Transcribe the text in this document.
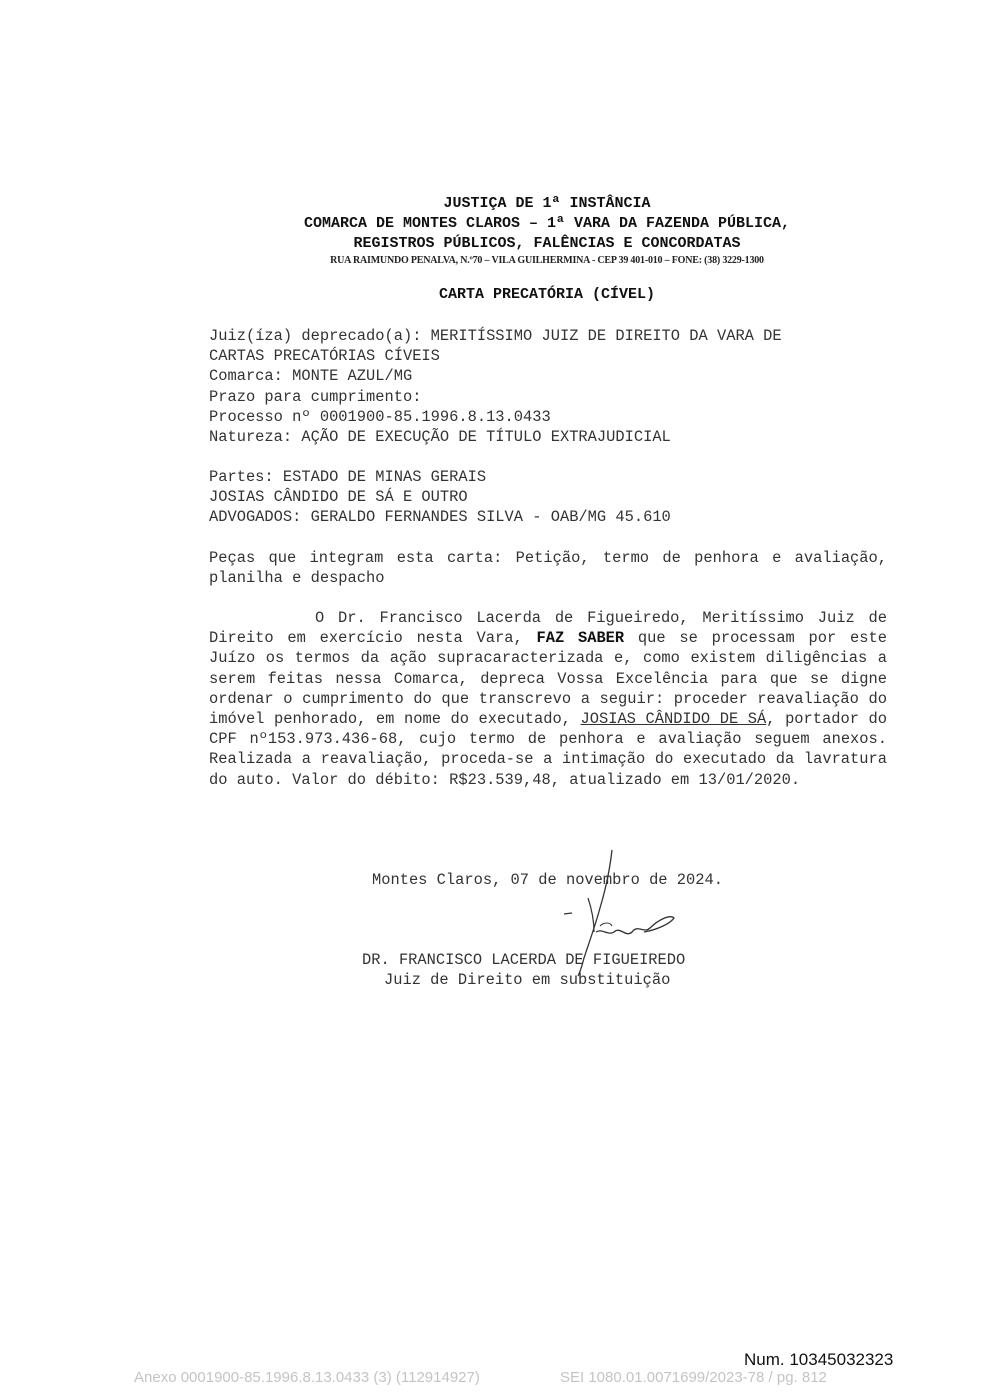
JUSTIÇA DE 1ª INSTÂNCIA
COMARCA DE MONTES CLAROS – 1ª VARA DA FAZENDA PÚBLICA,
REGISTROS PÚBLICOS, FALÊNCIAS E CONCORDATAS
RUA RAIMUNDO PENALVA, N.º70 – VILA GUILHERMINA - CEP 39 401-010 – FONE: (38) 3229-1300
CARTA PRECATÓRIA (CÍVEL)
Juiz(íza) deprecado(a): MERITÍSSIMO JUIZ DE DIREITO DA VARA DE
CARTAS PRECATÓRIAS CÍVEIS
Comarca: MONTE AZUL/MG
Prazo para cumprimento:
Processo nº 0001900-85.1996.8.13.0433
Natureza: AÇÃO DE EXECUÇÃO DE TÍTULO EXTRAJUDICIAL
Partes: ESTADO DE MINAS GERAIS
JOSIAS CÂNDIDO DE SÁ E OUTRO
ADVOGADOS: GERALDO FERNANDES SILVA - OAB/MG 45.610
Peças que integram esta carta: Petição, termo de penhora e avaliação, planilha e despacho
O Dr. Francisco Lacerda de Figueiredo, Meritíssimo Juiz de Direito em exercício nesta Vara, FAZ SABER que se processam por este Juízo os termos da ação supracaracterizada e, como existem diligências a serem feitas nessa Comarca, depreca Vossa Excelência para que se digne ordenar o cumprimento do que transcrevo a seguir: proceder reavaliação do imóvel penhorado, em nome do executado, JOSIAS CÂNDIDO DE SÁ, portador do CPF nº153.973.436-68, cujo termo de penhora e avaliação seguem anexos. Realizada a reavaliação, proceda-se a intimação do executado da lavratura do auto. Valor do débito: R$23.539,48, atualizado em 13/01/2020.
Montes Claros, 07 de novembro de 2024.
DR. FRANCISCO LACERDA DE FIGUEIREDO
Juiz de Direito em substituição
Num. 10345032323
Anexo 0001900-85.1996.8.13.0433 (3) (112914927)	SEI 1080.01.0071699/2023-78 / pg. 812
